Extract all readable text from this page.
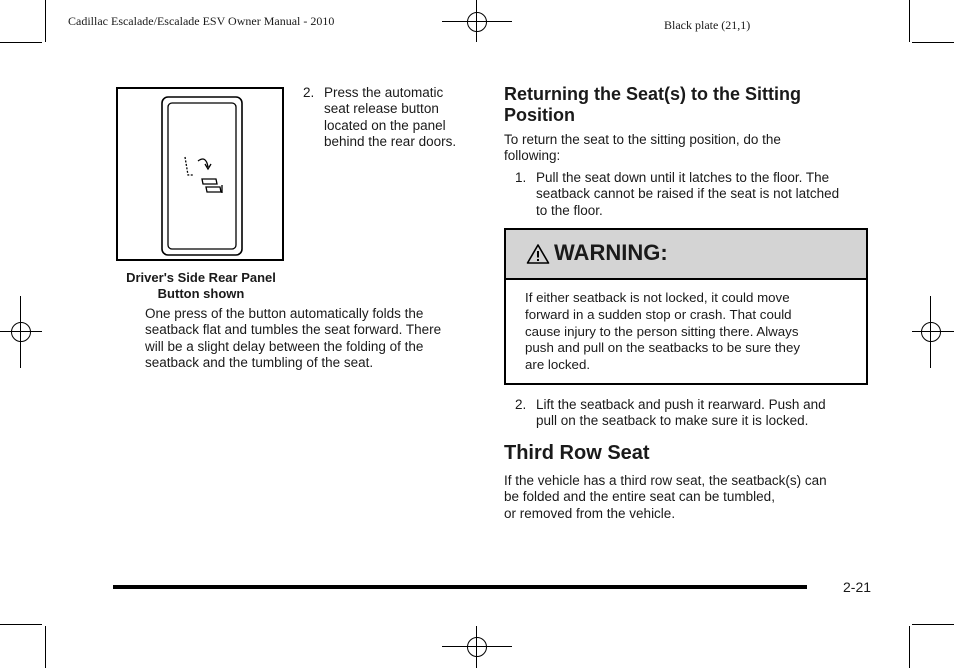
Cadillac Escalade/Escalade ESV Owner Manual - 2010	Black plate (21,1)
Driver's Side Rear Panel
Button shown
2. Press the automatic
seat release button
located on the panel
behind the rear doors.
One press of the button automatically folds the
seatback flat and tumbles the seat forward. There
will be a slight delay between the folding of the
seatback and the tumbling of the seat.
Returning the Seat(s) to the Sitting
Position
To return the seat to the sitting position, do the
following:
1. Pull the seat down until it latches to the floor. The
seatback cannot be raised if the seat is not latched
to the floor.
WARNING:
If either seatback is not locked, it could move
forward in a sudden stop or crash. That could
cause injury to the person sitting there. Always
push and pull on the seatbacks to be sure they
are locked.
2. Lift the seatback and push it rearward. Push and
pull on the seatback to make sure it is locked.
Third Row Seat
If the vehicle has a third row seat, the seatback(s) can
be folded and the entire seat can be tumbled,
or removed from the vehicle.
2-21
